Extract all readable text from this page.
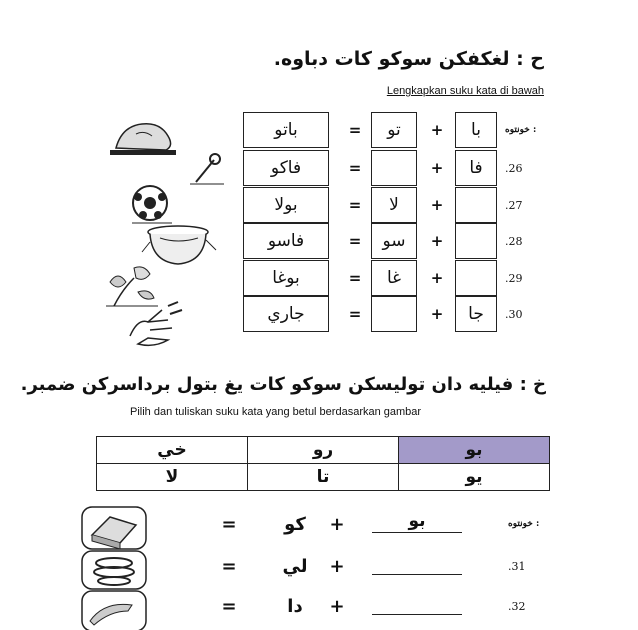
ح : لغكفكن سوكو كات دباوه.
Lengkapkan suku kata di bawah
باتو	=	تو	+	با	خونتوه :
فاكو	=	+	فا	.26
بولا	=	لا	+	.27
فاسو	=	سو	+	.28
بوغا	=	غا	+	.29
جاري	=	+	جا	.30
خ : فيليه دان توليسكن سوكو كات يغ بتول برداسركن ضمبر.
Pilih dan tuliskan suku kata yang betul berdasarkan gambar
خي	رو	بو
لا	تا	يو
=	كو	+	بو	خونتوه :
=	لي	+	.31
=	دا	+	.32
